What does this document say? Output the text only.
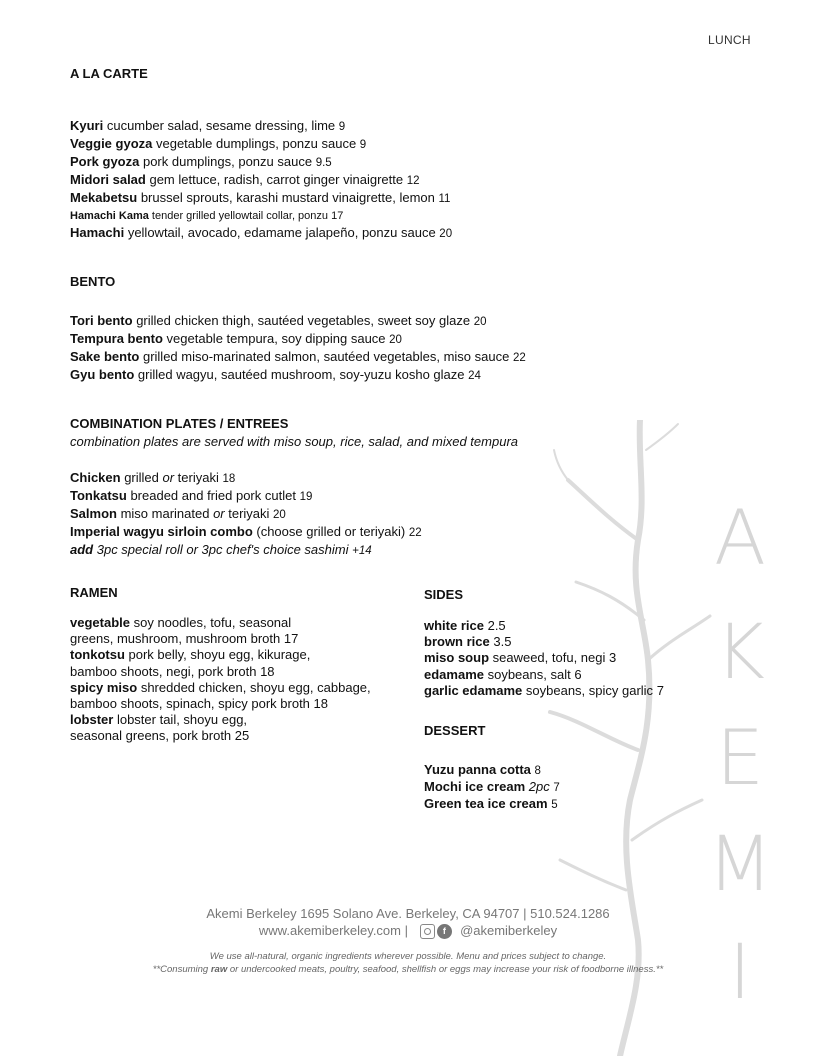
A
K
E
M
I
LUNCH
A LA CARTE
Kyuri cucumber salad, sesame dressing, lime 9
Veggie gyoza vegetable dumplings, ponzu sauce 9
Pork gyoza pork dumplings, ponzu sauce 9.5
Midori salad gem lettuce, radish, carrot ginger vinaigrette 12
Mekabetsu brussel sprouts, karashi mustard vinaigrette, lemon 11
Hamachi Kama tender grilled yellowtail collar, ponzu 17
Hamachi yellowtail, avocado, edamame jalapeño, ponzu sauce 20
BENTO
Tori bento grilled chicken thigh, sautéed vegetables, sweet soy glaze 20
Tempura bento vegetable tempura, soy dipping sauce 20
Sake bento grilled miso-marinated salmon, sautéed vegetables, miso sauce 22
Gyu bento grilled wagyu, sautéed mushroom, soy-yuzu kosho glaze 24
COMBINATION PLATES / ENTREES
combination plates are served with miso soup, rice, salad, and mixed tempura
Chicken grilled or teriyaki 18
Tonkatsu breaded and fried pork cutlet 19
Salmon miso marinated or teriyaki 20
Imperial wagyu sirloin combo (choose grilled or teriyaki) 22
add 3pc special roll or 3pc chef's choice sashimi +14
RAMEN
vegetable soy noodles, tofu, seasonal
greens, mushroom, mushroom broth 17
tonkotsu pork belly, shoyu egg, kikurage,
bamboo shoots, negi, pork broth 18
spicy miso shredded chicken, shoyu egg, cabbage,
bamboo shoots, spinach, spicy pork broth 18
lobster lobster tail, shoyu egg,
seasonal greens, pork broth 25
SIDES
white rice 2.5
brown rice 3.5
miso soup seaweed, tofu, negi 3
edamame soybeans, salt 6
garlic edamame soybeans, spicy garlic 7
DESSERT
Yuzu panna cotta 8
Mochi ice cream 2pc 7
Green tea ice cream 5
Akemi Berkeley 1695 Solano Ave. Berkeley, CA 94707 | 510.524.1286
www.akemiberkeley.com |	f @akemiberkeley
We use all-natural, organic ingredients wherever possible. Menu and prices subject to change.
**Consuming raw or undercooked meats, poultry, seafood, shellfish or eggs may increase your risk of foodborne illness.**
